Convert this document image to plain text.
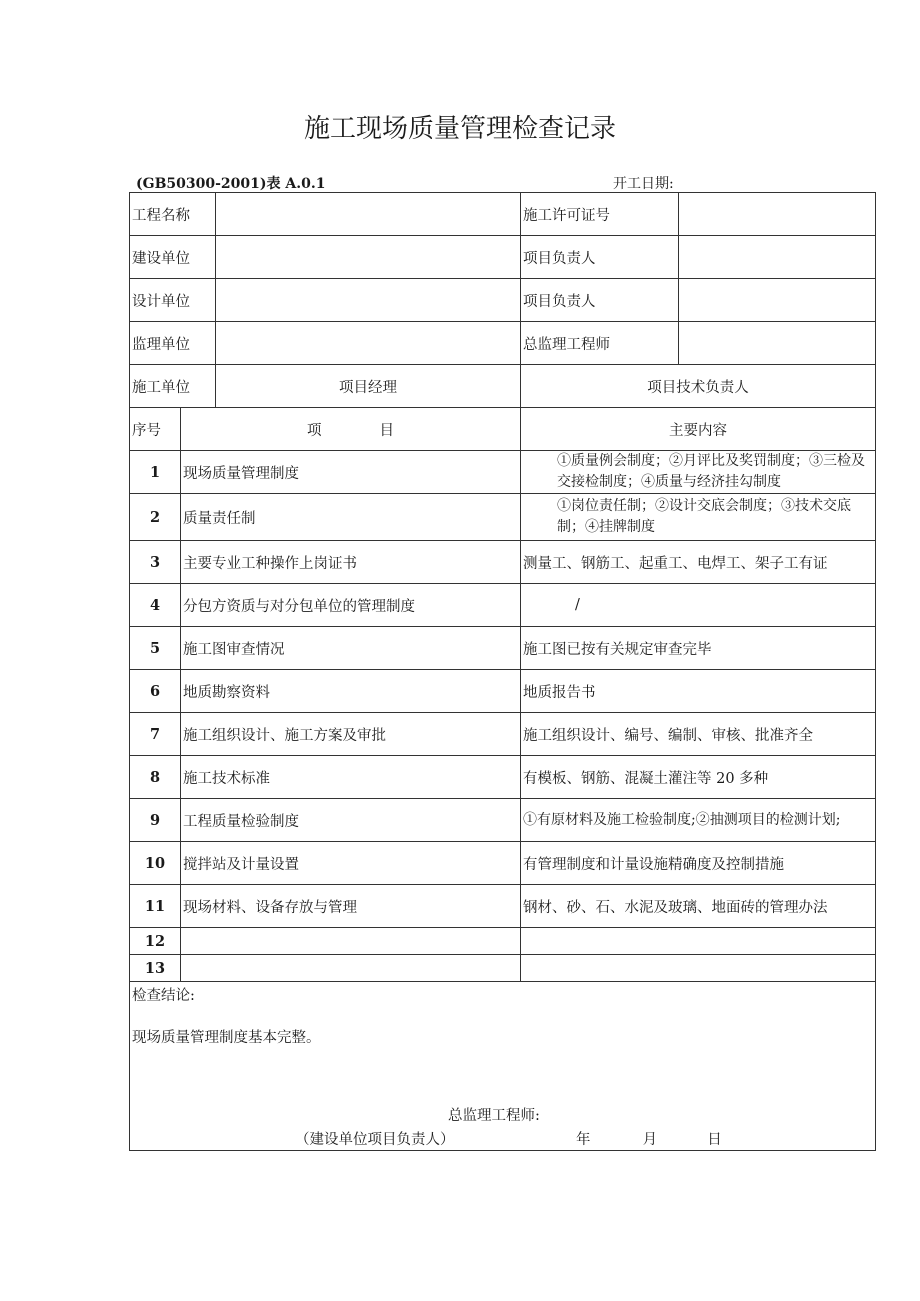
施工现场质量管理检查记录
(GB50300-2001)表 A.0.1	开工日期:
工程名称			施工许可证号	
建设单位			项目负责人	
设计单位			项目负责人	
监理单位			总监理工程师	
施工单位		项目经理	项目技术负责人	
序号	项　　　　目		主要内容	
1	现场质量管理制度		①质量例会制度；②月评比及奖罚制度；③三检及交接检制度；④质量与经济挂勾制度	
2	质量责任制		①岗位责任制；②设计交底会制度；③技术交底制；④挂牌制度	
3	主要专业工种操作上岗证书		测量工、钢筋工、起重工、电焊工、架子工有证	
4	分包方资质与对分包单位的管理制度		/	
5	施工图审查情况		施工图已按有关规定审查完毕	
6	地质勘察资料		地质报告书	
7	施工组织设计、施工方案及审批		施工组织设计、编号、编制、审核、批准齐全	
8	施工技术标准		有模板、钢筋、混凝土灌注等 20 多种	
9	工程质量检验制度		①有原材料及施工检验制度;②抽测项目的检测计划;	
10	搅拌站及计量设置		有管理制度和计量设施精确度及控制措施	
11	现场材料、设备存放与管理		钢材、砂、石、水泥及玻璃、地面砖的管理办法	
12				
13				

检查结论:
现场质量管理制度基本完整。
总监理工程师:
（建设单位项目负责人） 年 月 日				
